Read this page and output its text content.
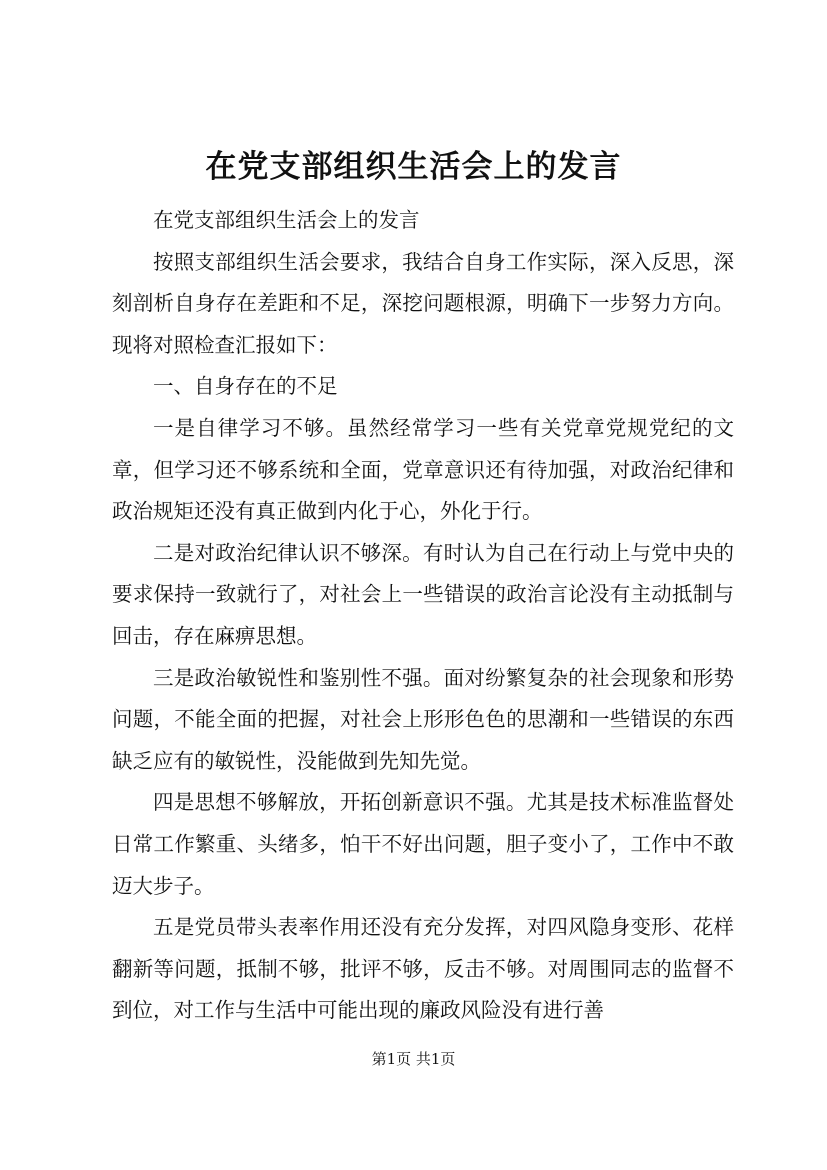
在党支部组织生活会上的发言

在党支部组织生活会上的发言

按照支部组织生活会要求，我结合自身工作实际，深入反思，深刻剖析自身存在差距和不足，深挖问题根源，明确下一步努力方向。现将对照检查汇报如下：

一、自身存在的不足

一是自律学习不够。虽然经常学习一些有关党章党规党纪的文章，但学习还不够系统和全面，党章意识还有待加强，对政治纪律和政治规矩还没有真正做到内化于心，外化于行。

二是对政治纪律认识不够深。有时认为自己在行动上与党中央的要求保持一致就行了，对社会上一些错误的政治言论没有主动抵制与回击，存在麻痹思想。

三是政治敏锐性和鉴别性不强。面对纷繁复杂的社会现象和形势问题，不能全面的把握，对社会上形形色色的思潮和一些错误的东西缺乏应有的敏锐性，没能做到先知先觉。

四是思想不够解放，开拓创新意识不强。尤其是技术标准监督处日常工作繁重、头绪多，怕干不好出问题，胆子变小了，工作中不敢迈大步子。

五是党员带头表率作用还没有充分发挥，对四风隐身变形、花样翻新等问题，抵制不够，批评不够，反击不够。对周围同志的监督不到位，对工作与生活中可能出现的廉政风险没有进行善

第1页 共1页
